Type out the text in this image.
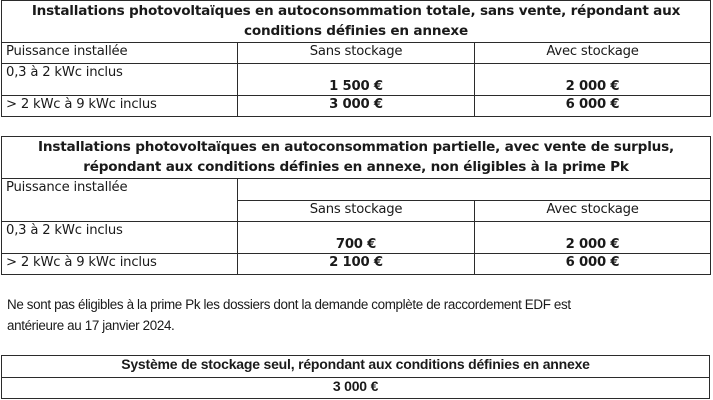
Installations photovoltaïques en autoconsommation totale, sans vente, répondant aux
conditions définies en annexe		
Puissance installée	Sans stockage	Avec stockage
0,3 à 2 kWc inclus	1 500 €	2 000 €
> 2 kWc à 9 kWc inclus	3 000 €	6 000 €
Installations photovoltaïques en autoconsommation partielle, avec vente de surplus,
répondant aux conditions définies en annexe, non éligibles à la prime Pk		
Puissance installée		
	Sans stockage	Avec stockage
0,3 à 2 kWc inclus	700 €	2 000 €
> 2 kWc à 9 kWc inclus	2 100 €	6 000 €
Ne sont pas éligibles à la prime Pk les dossiers dont la demande complète de raccordement EDF est
antérieure au 17 janvier 2024.
Système de stockage seul, répondant aux conditions définies en annexe
3 000 €
